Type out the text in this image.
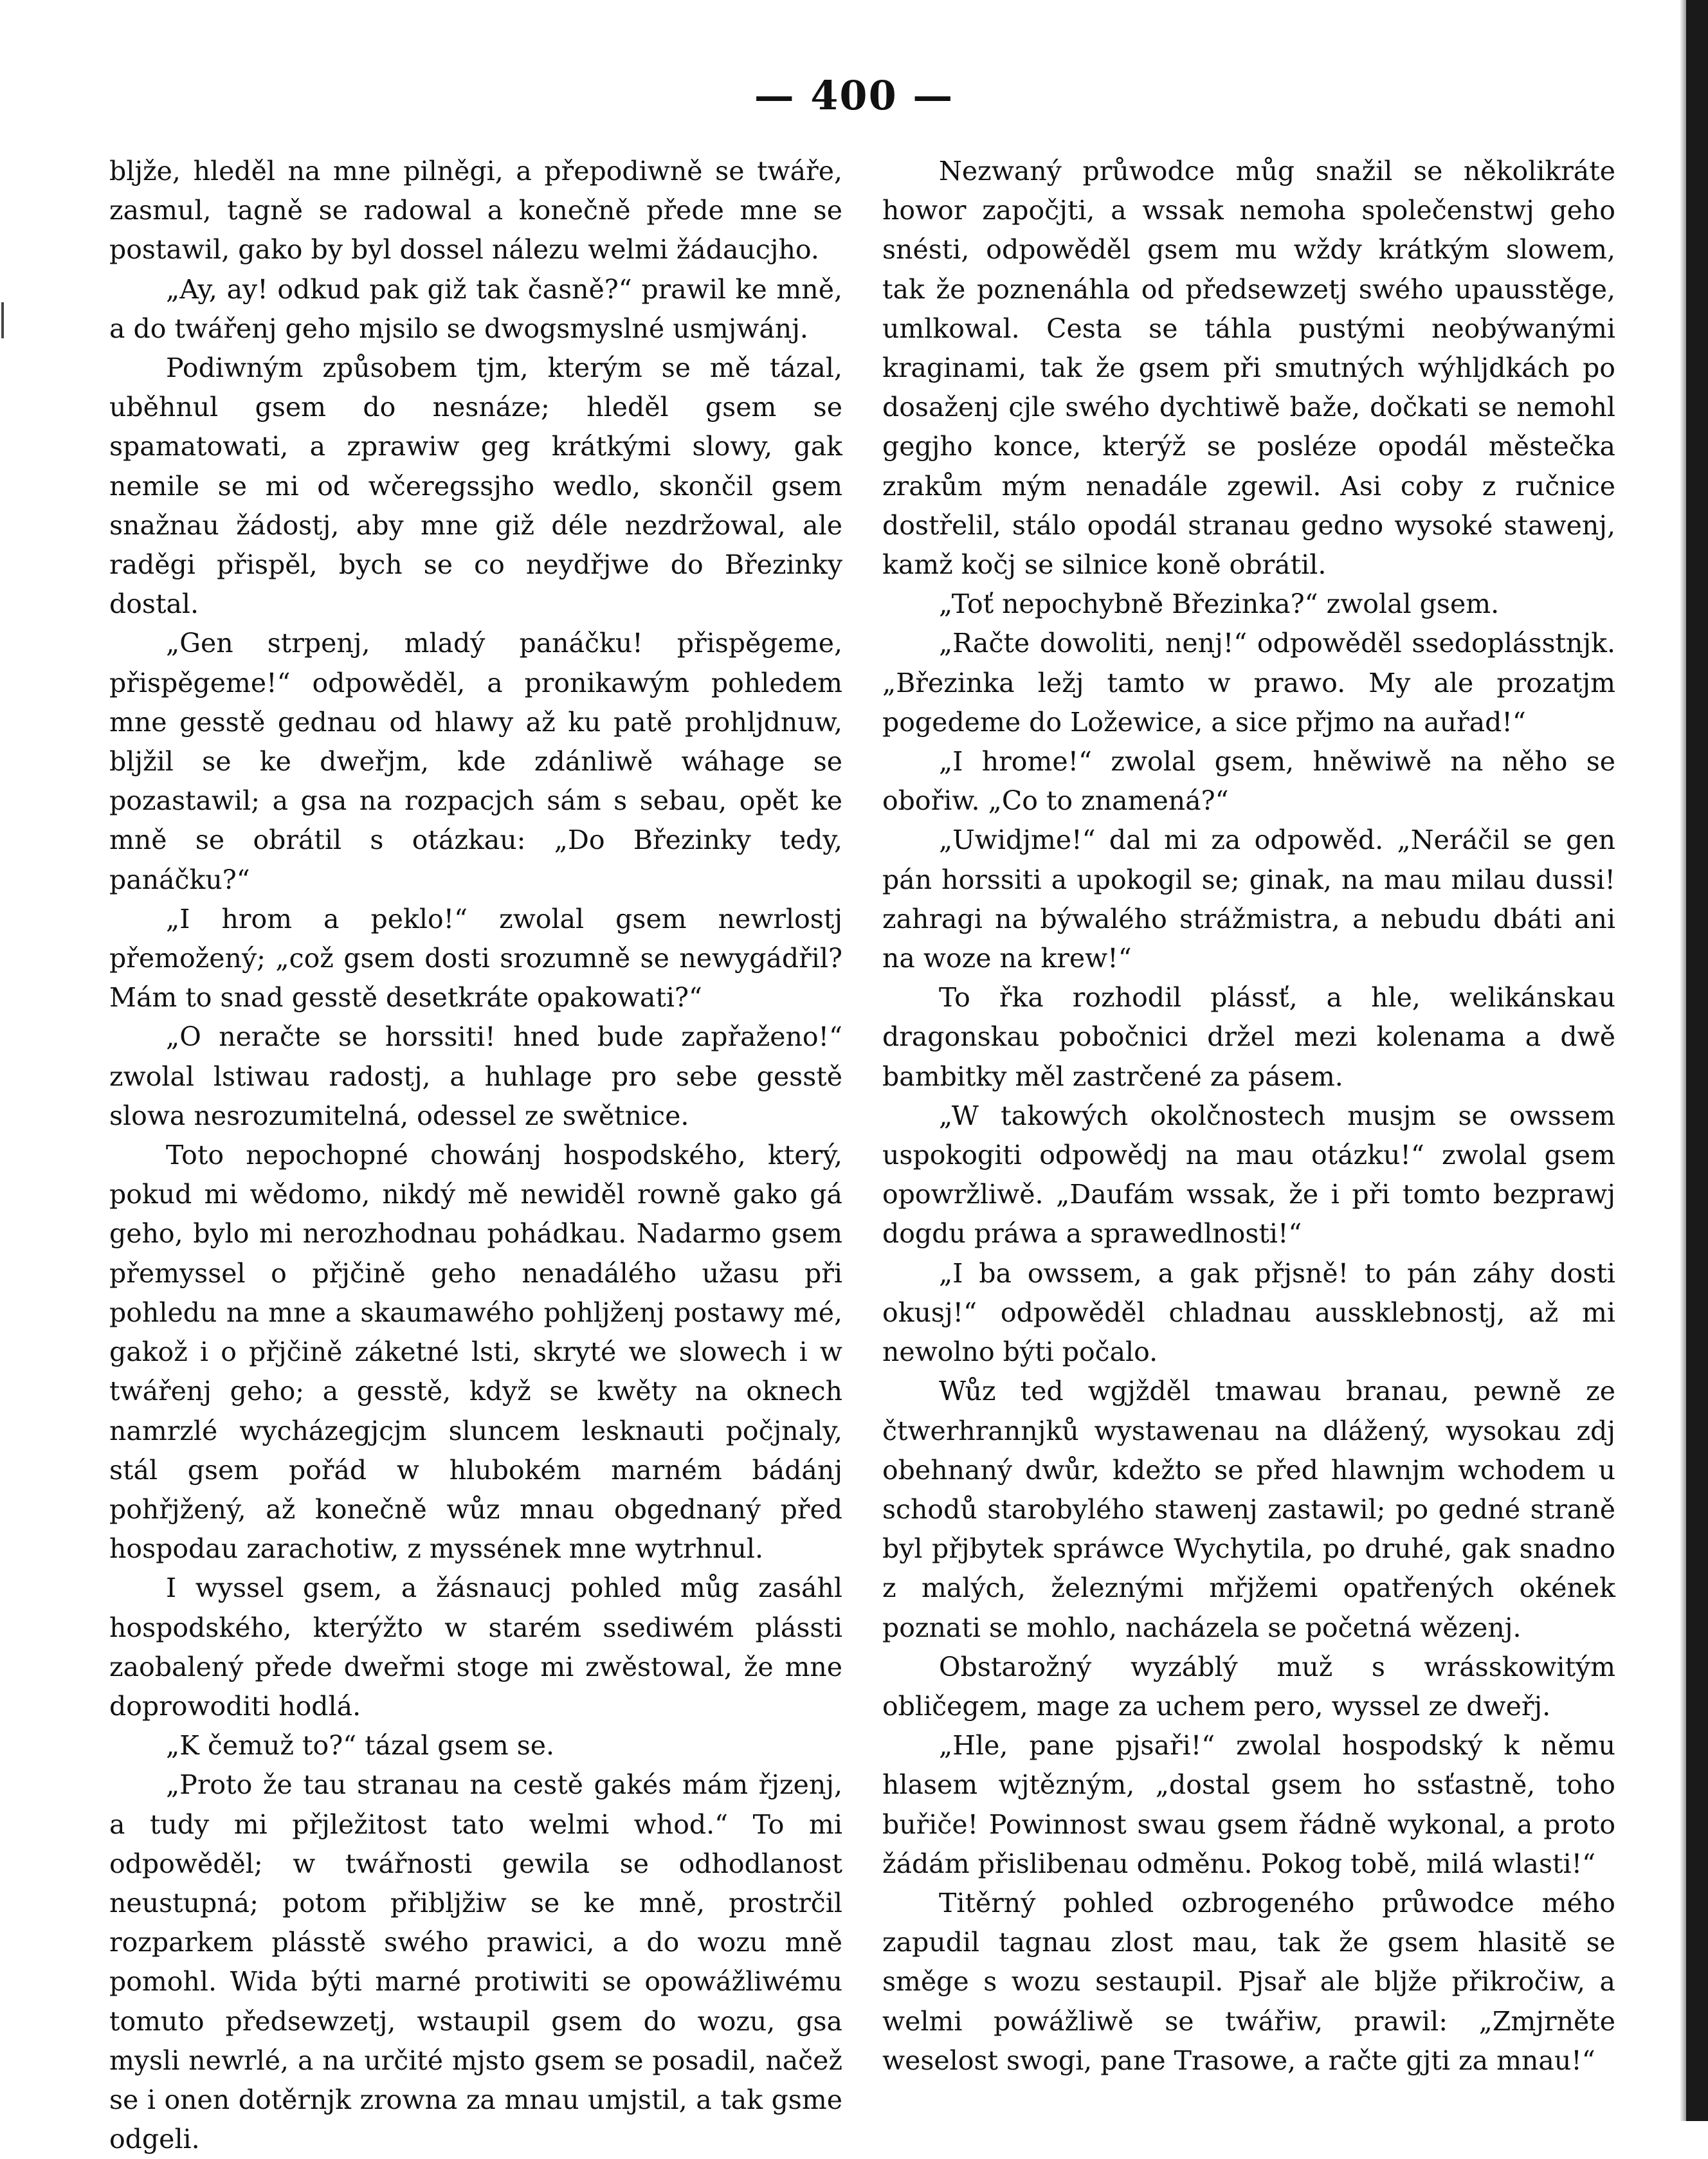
— 400 —

bljže, hleděl na mne pilněgi, a přepodiwně se twáře, zasmul, tagně se radowal a konečně přede mne se postawil, gako by byl dossel nálezu welmi žádaucjho.

„Ay, ay! odkud pak giž tak časně?“ prawil ke mně, a do twářenj geho mjsilo se dwogsmyslné usmjwánj.

Podiwným způsobem tjm, kterým se mě tázal, uběhnul gsem do nesnáze; hleděl gsem se spamatowati, a zprawiw geg krátkými slowy, gak nemile se mi od wčeregssjho wedlo, skončil gsem snažnau žádostj, aby mne giž déle nezdržowal, ale raděgi přispěl, bych se co neydřjwe do Březinky dostal.

„Gen strpenj, mladý panáčku! přispěgeme, přispěgeme!“ odpowěděl, a pronikawým pohledem mne gesstě gednau od hlawy až ku patě prohljdnuw, bljžil se ke dweřjm, kde zdánliwě wáhage se pozastawil; a gsa na rozpacjch sám s sebau, opět ke mně se obrátil s otázkau: „Do Březinky tedy, panáčku?“

„I hrom a peklo!“ zwolal gsem newrlostj přemožený; „což gsem dosti srozumně se newygádřil? Mám to snad gesstě desetkráte opakowati?“

„O neračte se horssiti! hned bude zapřaženo!“ zwolal lstiwau radostj, a huhlage pro sebe gesstě slowa nesrozumitelná, odessel ze swětnice.

Toto nepochopné chowánj hospodského, který, pokud mi wědomo, nikdý mě newiděl rowně gako gá geho, bylo mi nerozhodnau pohádkau. Nadarmo gsem přemyssel o přjčině geho nenadálého užasu při pohledu na mne a skaumawého pohljženj postawy mé, gakož i o přjčině záketné lsti, skryté we slowech i w twářenj geho; a gesstě, když se kwěty na oknech namrzlé wycházegjcjm sluncem lesknauti počjnaly, stál gsem pořád w hlubokém marném bádánj pohřjžený, až konečně wůz mnau obgednaný před hospodau zarachotiw, z myssének mne wytrhnul.

I wyssel gsem, a žásnaucj pohled můg zasáhl hospodského, kterýžto w starém ssediwém plássti zaobalený přede dweřmi stoge mi zwěstowal, že mne doprowoditi hodlá.

„K čemuž to?“ tázal gsem se.

„Proto že tau stranau na cestě gakés mám řjzenj, a tudy mi přjležitost tato welmi whod.“ To mi odpowěděl; w twářnosti gewila se odhodlanost neustupná; potom přibljžiw se ke mně, prostrčil rozparkem plásstě swého prawici, a do wozu mně pomohl. Wida býti marné protiwiti se opowážliwému tomuto předsewzetj, wstaupil gsem do wozu, gsa mysli newrlé, a na určité mjsto gsem se posadil, načež se i onen dotěrnjk zrowna za mnau umjstil, a tak gsme odgeli.

Nezwaný průwodce můg snažil se několikráte howor započjti, a wssak nemoha společenstwj geho snésti, odpowěděl gsem mu wždy krátkým slowem, tak že poznenáhla od předsewzetj swého upausstěge, umlkowal. Cesta se táhla pustými neobýwanými kraginami, tak že gsem při smutných wýhljdkách po dosaženj cjle swého dychtiwě baže, dočkati se nemohl gegjho konce, kterýž se posléze opodál městečka zrakům mým nenadále zgewil. Asi coby z ručnice dostřelil, stálo opodál stranau gedno wysoké stawenj, kamž kočj se silnice koně obrátil.

„Toť nepochybně Březinka?“ zwolal gsem.

„Račte dowoliti, nenj!“ odpowěděl ssedoplásstnjk. „Březinka ležj tamto w prawo. My ale prozatjm pogedeme do Ložewice, a sice přjmo na auřad!“

„I hrome!“ zwolal gsem, hněwiwě na něho se obořiw. „Co to znamená?“

„Uwidjme!“ dal mi za odpowěd. „Neráčil se gen pán horssiti a upokogil se; ginak, na mau milau dussi! zahragi na býwalého strážmistra, a nebudu dbáti ani na woze na krew!“

To řka rozhodil plássť, a hle, welikánskau dragonskau pobočnici držel mezi kolenama a dwě bambitky měl zastrčené za pásem.

„W takowých okolčnostech musjm se owssem uspokogiti odpowědj na mau otázku!“ zwolal gsem opowržliwě. „Daufám wssak, že i při tomto bezprawj dogdu práwa a sprawedlnosti!“

„I ba owssem, a gak přjsně! to pán záhy dosti okusj!“ odpowěděl chladnau aussklebnostj, až mi newolno býti počalo.

Wůz ted wgjžděl tmawau branau, pewně ze čtwerhrannjků wystawenau na dlážený, wysokau zdj obehnaný dwůr, kdežto se před hlawnjm wchodem u schodů starobylého stawenj zastawil; po gedné straně byl přjbytek spráwce Wychytila, po druhé, gak snadno z malých, železnými mřjžemi opatřených okének poznati se mohlo, nacházela se početná wězenj.

Obstarožný wyzáblý muž s wrásskowitým obličegem, mage za uchem pero, wyssel ze dweřj.

„Hle, pane pjsaři!“ zwolal hospodský k němu hlasem wjtězným, „dostal gsem ho ssťastně, toho buřiče! Powinnost swau gsem řádně wykonal, a proto žádám přislibenau odměnu. Pokog tobě, milá wlasti!“

Titěrný pohled ozbrogeného průwodce mého zapudil tagnau zlost mau, tak že gsem hlasitě se směge s wozu sestaupil. Pjsař ale bljže přikročiw, a welmi powážliwě se twářiw, prawil: „Zmjrněte weselost swogi, pane Trasowe, a račte gjti za mnau!“
